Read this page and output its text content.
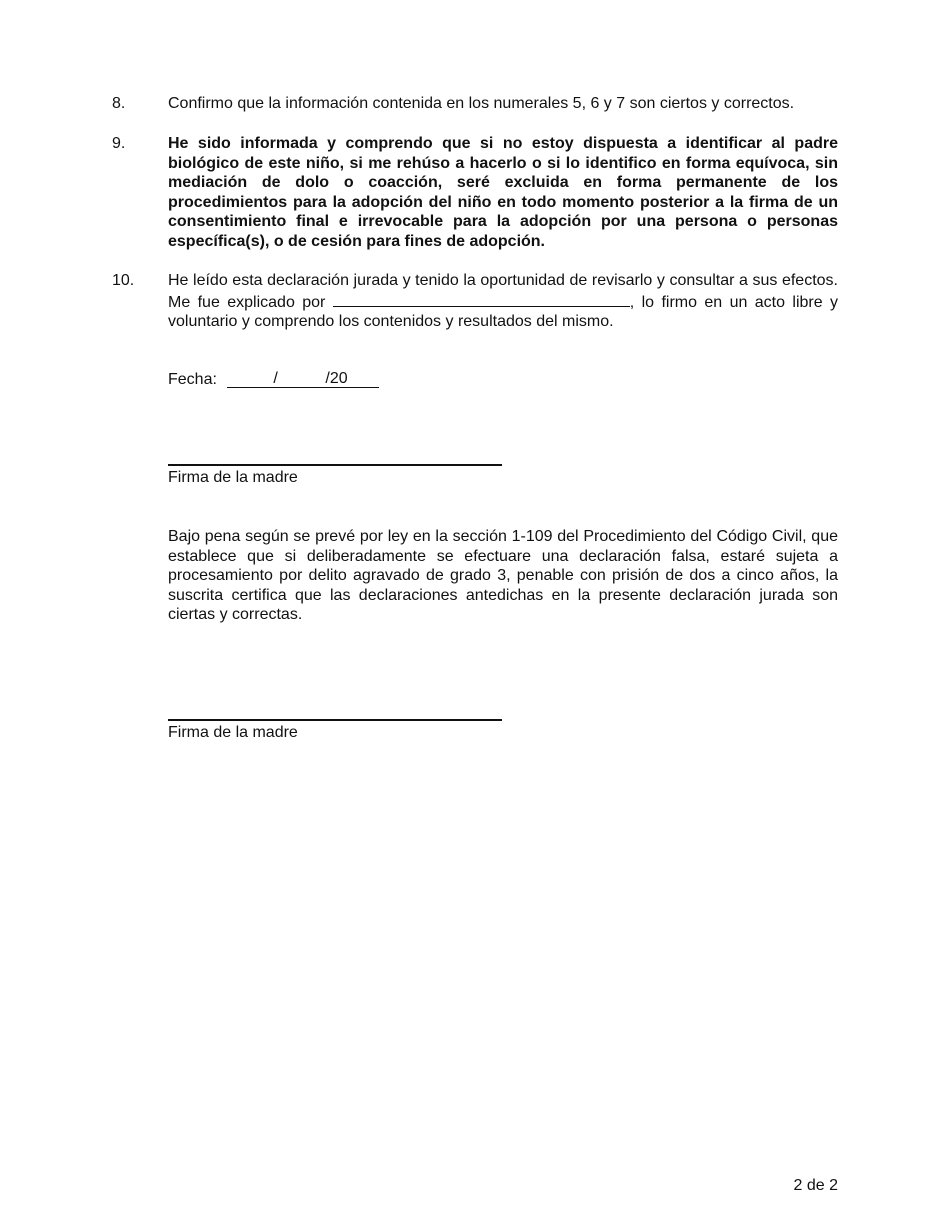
8.	Confirmo que la información contenida en los numerales 5, 6 y 7 son ciertos y correctos.
9.	He sido informada y comprendo que si no estoy dispuesta a identificar al padre biológico de este niño, si me rehúso a hacerlo o si lo identifico en forma equívoca, sin mediación de dolo o coacción, seré excluida en forma permanente de los procedimientos para la adopción del niño en todo momento posterior a la firma de un consentimiento final e irrevocable para la adopción por una persona o personas específica(s), o de cesión para fines de adopción.
10.	He leído esta declaración jurada y tenido la oportunidad de revisarlo y consultar a sus efectos. Me fue explicado por	, lo firmo en un acto libre y voluntario y comprendo los contenidos y resultados del mismo.
Fecha:	/	/20
Firma de la madre
Bajo pena según se prevé por ley en la sección 1-109 del Procedimiento del Código Civil, que establece que si deliberadamente se efectuare una declaración falsa, estaré sujeta a procesamiento por delito agravado de grado 3, penable con prisión de dos a cinco años, la suscrita certifica que las declaraciones antedichas en la presente declaración jurada son ciertas y correctas.
Firma de la madre
2 de 2
